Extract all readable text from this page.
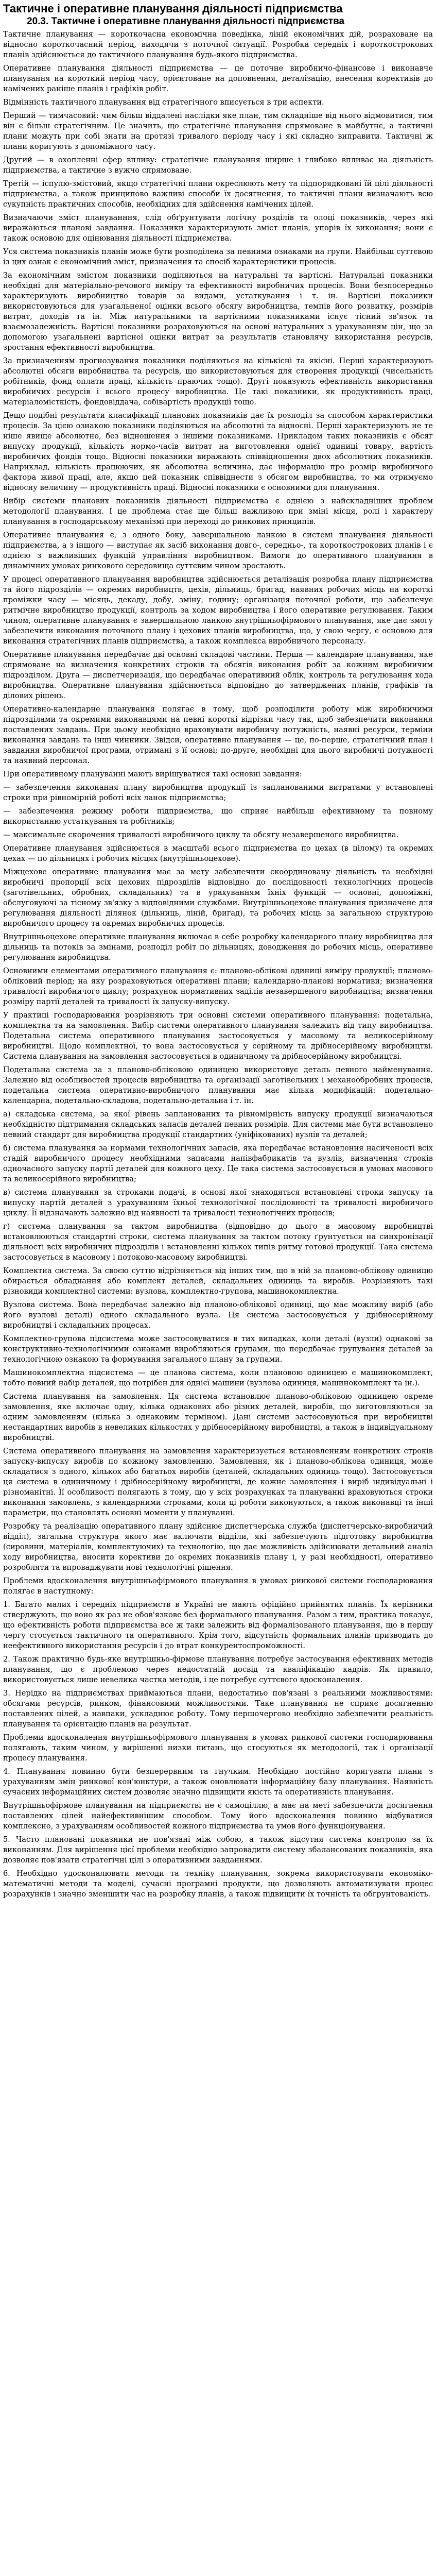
Тактичне і оперативне планування діяльності підприємства
20.3. Тактичне і оперативне планування діяльності підприємства

Тактичне планування — короткочасна економічна поведінка, ліній економічних дій, розраховане на відносно короткочасний період, виходячи з поточної ситуації. Розробка середніх і короткострокових планів здійснюється до тактичного планування будь-якого підприємства.

Оперативне планування діяльності підприємства — це поточне виробничо-фінансове і виконавче планування на короткий період часу, орієнтоване на доповнення, деталізацію, внесення корективів до намічених раніше планів і графіків робіт.

Відмінність тактичного планування від стратегічного вписується в три аспекти.

Перший — тимчасовий: чим більш віддалені наслідки яке план, тим складніше від нього відмовитися, тим він є більш стратегічним. Це значить, що стратегічне планування спрямоване в майбутнє, а тактичні плани можуть при собі знати на протязі тривалого періоду часу і які складно виправити. Тактичні ж плани коригують з допоміжного часу.

Другий — в охопленні сфер впливу: стратегічне планування ширше і глибоко впливає на діяльність підприємства, а тактичне з вужчо спрямоване.

Третій — іспулю-змістовий, якщо стратегічні плани окреслюють мету та підпорядковані їй цілі діяльності підприємства, а також принципово важливі способи їх досягнення, то тактичні плани визначають всю сукупність практичних способів, необхідних для здійснення намічених цілей.

Визначаючи зміст плануванння, слід обґрунтувати логічну розділів та олоці показників, через які виражаються планові завдання. Показники характеризують зміст планів, упорів їх виконання; вони є також основою для оцінювання діяльності підприємства.

Уся система показників планів може бути розподілена за певними ознаками на групи. Найбільш суттєвою із цих ознак є економічний зміст, призначення та спосіб характеристики процесів.

За економічним змістом показники поділяються на натуральні та вартісні. Натуральні показники необхідні для матеріально-речового виміру та ефективності виробничих процесів. Вони безпосередньо характеризують виробництво товарів за видами, устаткування і т. ін. Вартісні показники використовуються для узагальненої оцінки всього обсягу виробництва, темпів його розвитку, розмірів витрат, доходів та ін. Між натуральними та вартісними показниками існує тісний зв'язок та взаємозалежність. Вартісні показники розраховуються на основі натуральних з урахуванням цін, що за допомогою узагальнені вартісної оцінки витрат за результатів становлячу використання ресурсів, зростання ефективності виробництва.

За призначенням прогнозування показники поділяються на кількісні та якісні. Перші характеризують абсолютні обсяги виробництва та ресурсів, що використовуються для створення продукції (чисельність робітників, фонд оплати праці, кількість праючих тощо). Другі показують ефективність використання виробничих ресурсів і всього процесу виробництва. Це такі показники, як продуктивність праці, матеріаломісткість, фондовіддача, собівартість продукції тощо.

Дещо подібні результати класифікації планових показників дає їх розподіл за способом характеристики процесів. За цією ознакою показники поділяються на абсолютні та відносні. Перші характеризують не те ніше явище абсолютно, без відношення з іншими показниками. Прикладом таких показників є обсяг випуску продукції, кількість нормо-часів витрат на виготовлення однієї одиниці товару, вартість виробничих фондів тощо. Відносні показники виражають співвідношення двох абсолютних показників. Наприклад, кількість працюючих, як абсолютна величина, дає інформацію про розмір виробничого фактора живої праці, але, якщо цей показник співвіднести з обсягом виробництва, то ми отримуємо відносну величину — продуктивність праці. Відносні показники є основними для планування.

Вибір системи планових показників діяльності підприємства є однією з найскладніших проблем методології планування. І це проблема стає ще більш важливою при зміні місця, ролі і характеру планування в господарському механізмі при переході до ринкових принципів.

Оперативне планування є, з одного боку, завершальною ланкою в системі планування діяльності підприємства, а з іншого — виступає як засіб виконання довго-, середньо-, та короткострокових планів і є однією з важливіших функцій управління виробництвом. Вимоги до оперативного планування в динамічних умовах ринкового середовища суттєвим чином зростають.

У процесі оперативного планування виробництва здійснюється деталізація розробка плану підприємства та його підрозділів — окремих виробництв, цехів, дільниць, бригад, наявних робочих місць на короткі проміжки часу — місяць, декаду, добу, зміну, годину; організація поточної роботи, що забезпечує ритмічне виробництво продукції, контроль за ходом виробництва і його оперативне регулювання. Таким чином, оперативне планування є завершальною ланкою внутрішньофірмового планування, яке дає змогу забезпечити виконання поточного плану і цехових планів виробництва, що, у свою чергу, є основою для виконання стратегічних планів підприємства, а також комплекса виробничого персоналу.

Оперативне планування передбачає дві основні складові частини. Перша — календарне планування, яке спрямоване на визначення конкретних строків та обсягів виконання робіт за кожним виробничим підрозділом. Друга — диспетчеризація, що передбачає оперативний облік, контроль та регулювання хода виробництва. Оперативне планування здійснюється відповідно до затверджених планів, графіків та ділових рішень.

Оперативно-календарне планування полягає в тому, щоб розподілити роботу між виробничими підрозділами та окремими виконавцями на певні короткі відрізки часу так, щоб забезпечити виконання поставлених завдань. При цьому необхідно враховувати виробничу потужність, наявні ресурси, терміни виконання завдань та інші чинники. Звідси, оперативне планування — це, по-перше, стратегічний план і завдання виробничої програми, отримані з її основі; по-друге, необхідні для цього виробничі потужності та наявний персонал.

При оперативному плануванні мають вирішуватися такі основні завдання:

— забезпечення виконання плану виробництва продукції із запланованими витратами у встановлені строки при рівномірній роботі всіх ланок підприємства;

— забезпечення режиму роботи підприємства, що сприяє найбільш ефективному та повному використанню устаткування та робітників;

— максимальне скорочення тривалості виробничого циклу та обсягу незавершеного виробництва.

Оперативне планування здійснюється в масштабі всього підприємства по цехах (в цілому) та окремих цехах — по дільницях і робочих місцях (внутрішньоцехове).

Міжцехове оперативне планування має за мету забезпечити скоординовану діяльність та необхідні виробничі пропорції всіх цехових підрозділів відповідно до послідовності технологічних процесів (заготівельних, обробних, складальних) та в урахуванням їхніх функцій — основні, допоміжні, обслуговуючі за тісному зв'язку з відповідними службами. Внутрішньоцехове планування призначене для регулювання діяльності ділянок (дільниць, ліній, бригад), та робочих місць за загальною структурою виробничого процесу та окремих виробничих процесів.

Внутрішньоцехове оперативне планування включає в себе розробку календарного плану виробництва для дільниць та потоків за змінами, розподіл робіт по дільницях, доводження до робочих місць, оперативне регулювання виробництва.

Основними елементами оперативного планування є: планово-обліковi одиницi виміру продукції; планово-обліковий період; на яку розраховуються оперативні плани; календарно-плановi нормативи; визначення тривалості виробничого циклу; розрахунок нормативних заділів незавершеного виробництва; визначення розміру партії деталей та тривалості їх запуску-випуску.

У практиці господарювання розрізняють три основні системи оперативного планування: подетальна, комплектна та на замовлення. Вибір системи оперативного планування залежить від типу виробництва. Подетальна система оперативного планування застосовується у масовому та великосерійному виробництві. Щодо комплектної, то вона застосовується у серійному та дрібносерійному виробництві. Система планування на замовлення застосовується в одиничному та дрібносерійному виробництві.

Подетальна система за з планово-обліковою одиницею використовує деталь певного найменування. Залежно від особливостей процесів виробництва та організації заготівельних і механообробних процесів, подетальна система оперативно-виробничого планування має кілька модифікацій: подетально-календарна, подетально-складова, подетально-детальна і т. ін.

а) складська система, за якої рівень запланованих та рівномірність випуску продукції визначаються необхідністю підтримання складських запасів деталей певних розмірів. Для системи має бути встановлено певний стандарт для виробництва продукції стандартних (уніфікованих) вузлів та деталей;

б) система планування за нормами технологічних запасів, яка передбачає встановлення насиченості всіх стадій виробничого процесу необхідними запасами напівфабрикатів та вузлів, визначення строків одночасного запуску партії деталей для кожного цеху. Це така система застосовується в умовах масового та великосерійного виробництва;

в) система планування за строками подачі, в основі якої знаходяться встановлені строки запуску та випуску партій деталей з урахуванням їхньої технологічної послідовності та тривалості виробничого циклу. Її відзначають залежно від наявності та тривалості технологічних процесів;

г) система планування за тактом виробництва (відповідно до цього в масовому виробництві встановлюються стандартні строки, система планування за тактом потоку ґрунтується на синхронізації діяльності всіх виробничих підрозділів і встановленні кількох типів ритму готової продукції. Така система застосовується в масовому і потоково-масовому виробництві.

Комплектна система. За своєю суттю відрізняється від інших тим, що в ній за планово-облікову одиницю обирається обладнання або комплект деталей, складальних одиниць та виробів. Розрізняють такі різновиди комплектної системи: вузлова, комплектно-групова, машинокомплектна.

Вузлова система. Вона передбачає залежно від планово-облікової одиниці, що має можливу виріб (або його вузлові деталі) одного складального вузла. Ця система застосовується у дрібносерійному виробництві і складальних процесах.

Комплектно-групова підсистема може застосовуватися в тих випадках, коли деталі (вузли) однакові за конструктивно-технологічними ознаками виробляються групами, що передбачає групування деталей за технологічною ознакою та формування загального плану за групами.

Машинокомплектна підсистема — це планова система, коли плановою одиницею є машинокомплект, тобто повний набір деталей, що потрібен для однієї машини (вузлова одиниця, машинокомплект та ін.).

Система планування на замовлення. Ця система встановлює планово-обліковою одиницею окреме замовлення, яке включає одну, кілька однакових або різних деталей, виробів, що виготовляються за одним замовленням (кілька з однаковим терміном). Дані системи застосовуються при виробництві нестандартних виробів в невеликих кількостях у дрібносерійному виробництві, а також в індивідуальному виробництві.

Система оперативного планування на замовлення характеризується встановленням конкретних строків запуску-випуску виробів по кожному замовленню. Замовлення, як і планово-облікова одиниця, може складатися з одного, кількох або багатьох виробів (деталей, складальних одиниць тощо). Застосовується ця система в одиничному і дрібносерійному виробництві, де кожне замовлення і виріб індивідуальні і різноманітні. Її особливості полягають в тому, що у всіх розрахунках та плануванні враховуються строки виконання замовлень, з календарними строками, коли ці роботи виконуються, а також виконавці та інші параметри, що становлять основні моменти у плануванні.

Розробку та реалізацію оперативного плану здійснює диспетчерська служба (диспетчерсько-виробничий відділ), загальна структура якого має включати відділи, які забезпечують підготовку виробництва (сировини, матеріалів, комплектуючих) та технологію, що дає можливість здійснювати детальний аналіз ходу виробництва, вносити корективи до окремих показників плану і, у разі необхідності, оперативно розробляти та впроваджувати нові технологічні рішення.

Проблеми вдосконалення внутрішньофірмового планування в умовах ринкової системи господарювання полягає в наступному:

1. Багато малих і середніх підприємств в Україні не мають офіційно прийнятих планів. Їх керівники стверджують, що воно як раз не обов'язкове без формального планування. Разом з тим, практика показує, що ефективність роботи підприємства все ж таки залежить від формалізованого планування, що в першу чергу стосується тактичного та оперативного. Крім того, відсутність формальних планів призводить до неефективного використання ресурсів і до втрат конкурентоспроможності.

2. Також практично будь-яке внутрішньо-фірмове планування потребує застосування ефективних методів планування, що є проблемою через недостатній досвід та кваліфікацію кадрів. Як правило, використовується лише невелика частка методів, і це потребує суттєвого вдосконалення.

3. Нерідко на підприємствах приймаються плани, недостатньо пов'язані з реальними можливостями: обсягами ресурсів, ринком, фінансовими можливостями. Таке планування не сприяє досягненню поставлених цілей, а навпаки, ускладнює роботу. Тому першочергово необхідно забезпечити реальність планування та орієнтацію планів на результат.

Проблеми вдосконалення внутрішньофірмового планування в умовах ринкової системи господарювання полягають, таким чином, у вирішенні низки питань, що стосуються як методології, так і організації процесу планування.

4. Планування повинно бути безперервним та гнучким. Необхідно постійно коригувати плани з урахуванням змін ринкової кон'юнктури, а також оновлювати інформаційну базу планування. Наявність сучасних інформаційних систем дозволяє значно підвищити якість та оперативність планування.

Внутрішньофірмове планування на підприємстві не є самоціллю, а має на меті забезпечити досягнення поставлених цілей найефективнішим способом. Тому його вдосконалення повинно відбуватися комплексно, з урахуванням особливостей кожного підприємства та умов його функціонування.

5. Часто плановані показники не пов'язані між собою, а також відсутня система контролю за їх виконанням. Для вирішення цієї проблеми необхідно запровадити систему збалансованих показників, яка дозволяє пов'язати стратегічні цілі з оперативними завданнями.

6. Необхідно удосконалювати методи та техніку планування, зокрема використовувати економіко-математичні методи та моделі, сучасні програмні продукти, що дозволяють автоматизувати процес розрахунків і значно зменшити час на розробку планів, а також підвищити їх точність та обґрунтованість.
